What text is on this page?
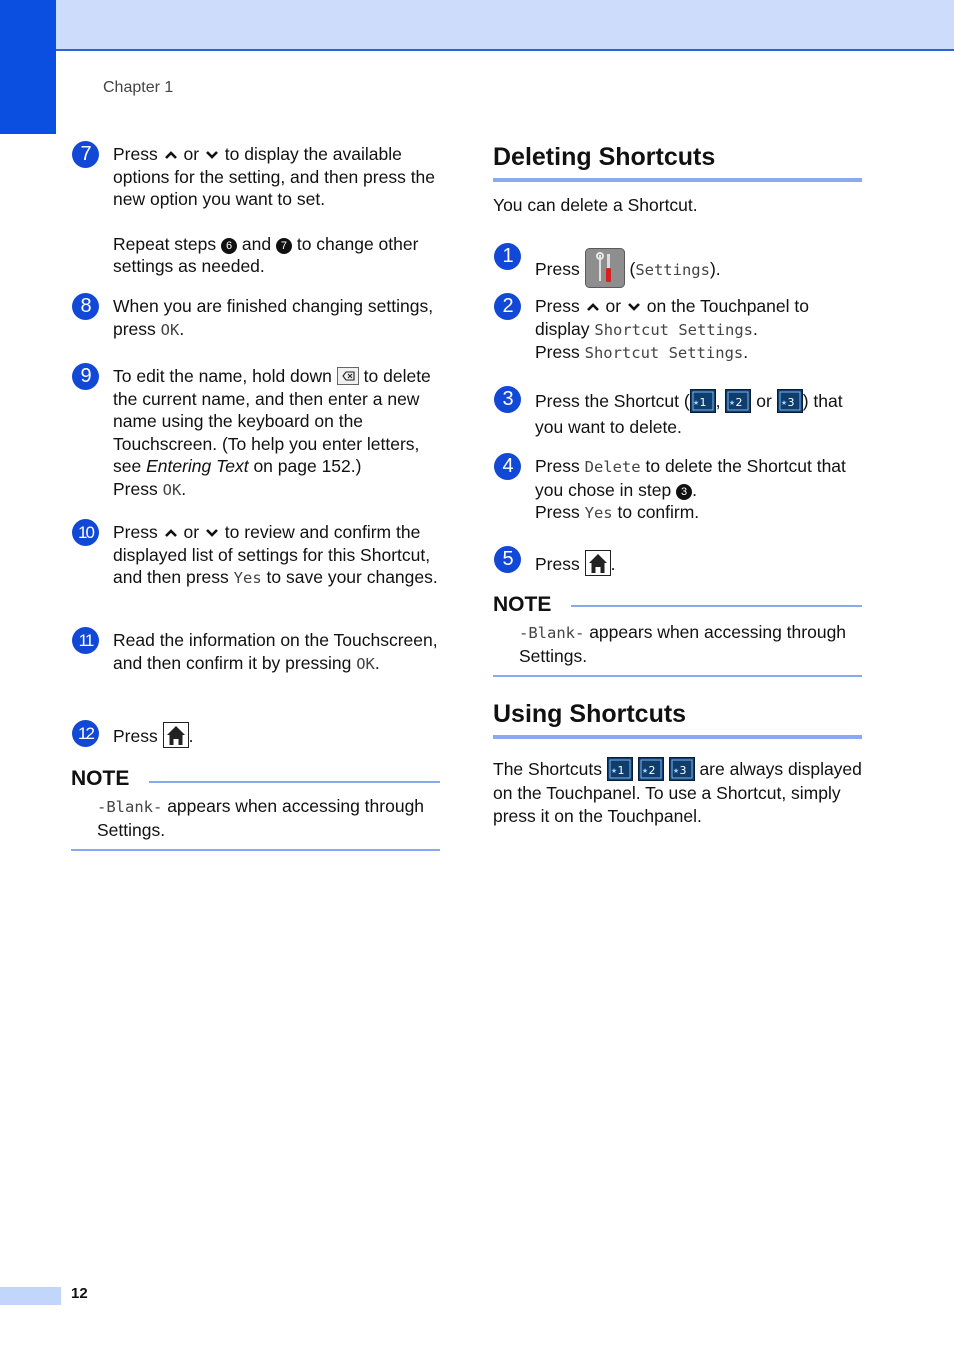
Chapter 1
7	Press or to display the available options for the setting, and then press the new option you want to set.

Repeat steps 6 and 7 to change other settings as needed.

8	When you are finished changing settings, press OK.

9	To edit the name, hold down to delete the current name, and then enter a new name using the keyboard on the Touchscreen. (To help you enter letters, see Entering Text on page 152.)

Press OK.

10	Press or to review and confirm the displayed list of settings for this Shortcut, and then press Yes to save your changes.

11	Read the information on the Touchscreen, and then confirm it by pressing OK.

12	Press .

NOTE
-Blank- appears when accessing through Settings.
Deleting Shortcuts

You can delete a Shortcut.

1

Press	(Settings).

2	Press or on the Touchpanel to display Shortcut Settings.

Press Shortcut Settings.

3	Press the Shortcut ( 1
★ , 2
★ or 3
★ ) that you want to delete.

4	Press Delete to delete the Shortcut that you chose in step 3 .

Press Yes to confirm.

5	Press .

NOTE
-Blank- appears when accessing through Settings.
Using Shortcuts

The Shortcuts 1
★
	2
★
	3
★ are always displayed on the Touchpanel. To use a Shortcut, simply press it on the Touchpanel.

12
